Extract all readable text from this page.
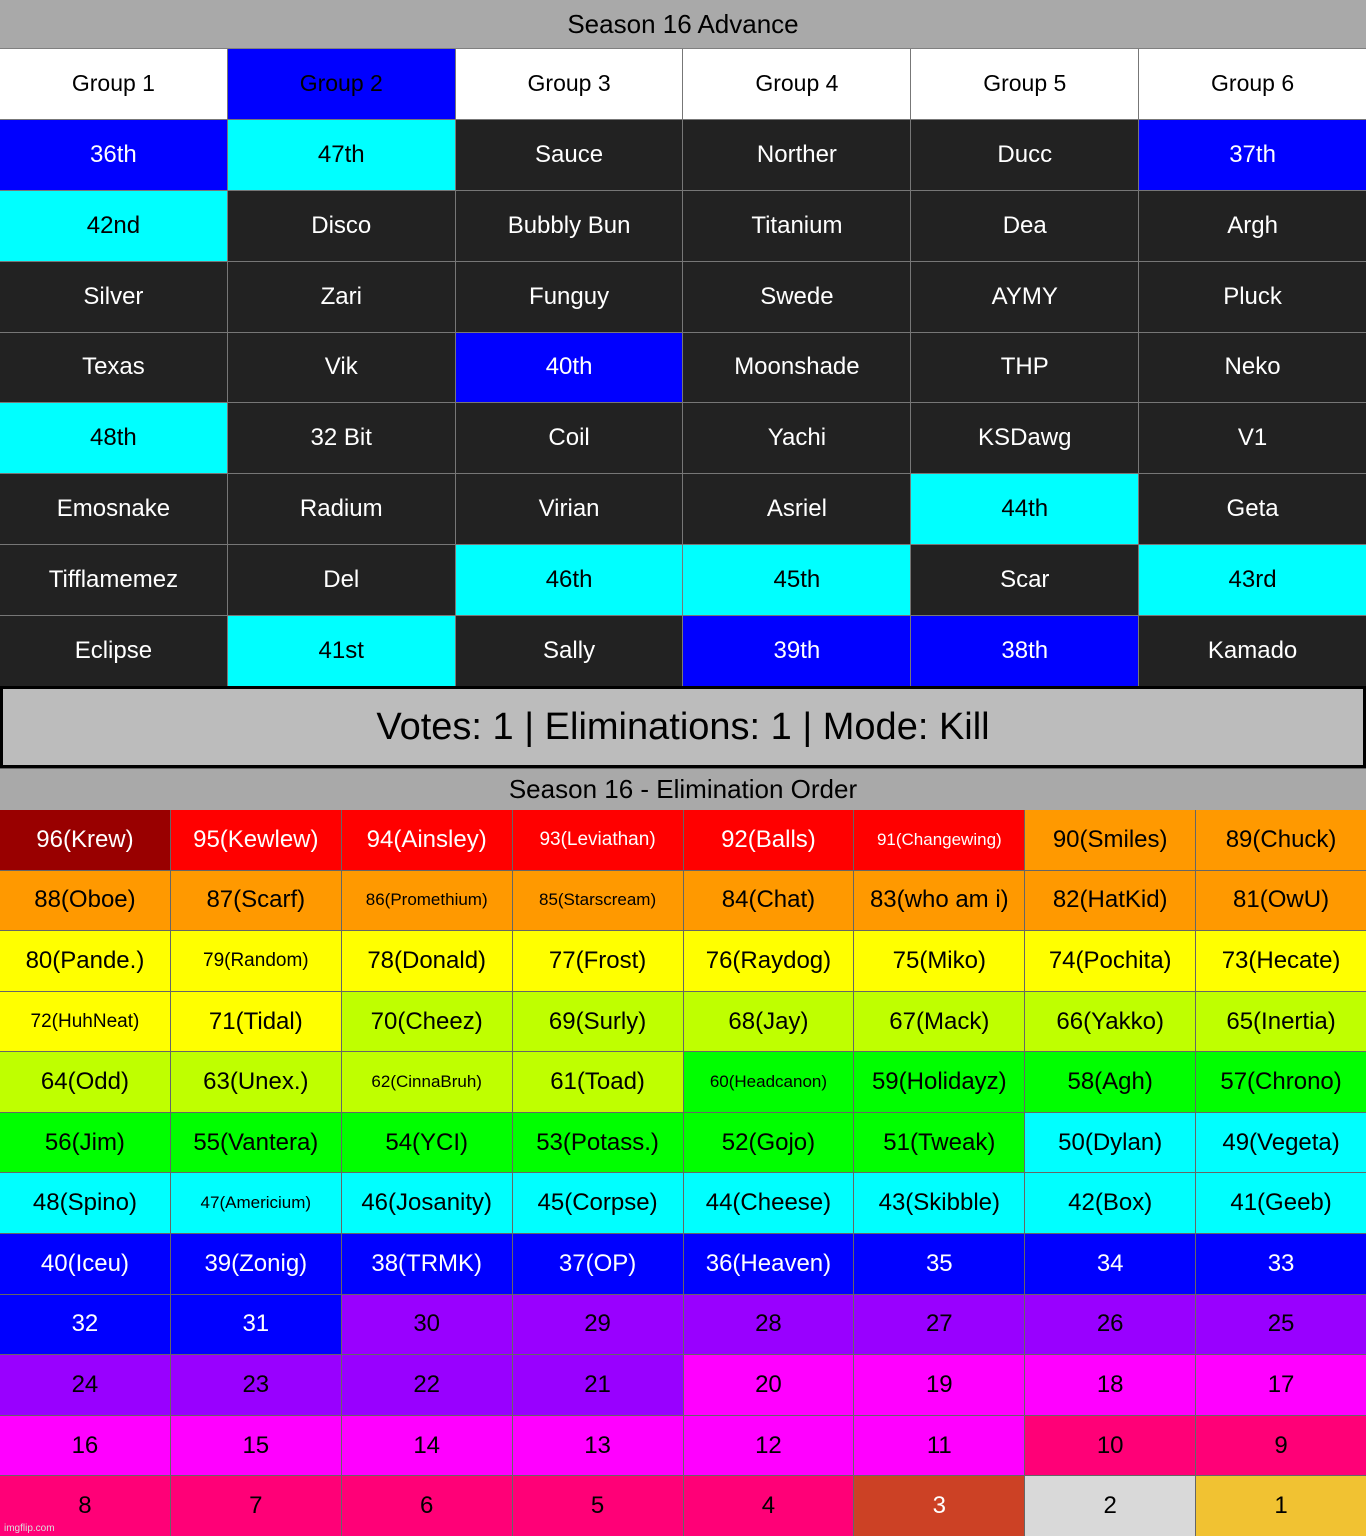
Season 16 Advance
Group 1	Group 2	Group 3	Group 4	Group 5	Group 6
36th	47th	Sauce	Norther	Ducc	37th
42nd	Disco	Bubbly Bun	Titanium	Dea	Argh
Silver	Zari	Funguy	Swede	AYMY	Pluck
Texas	Vik	40th	Moonshade	THP	Neko
48th	32 Bit	Coil	Yachi	KSDawg	V1
Emosnake	Radium	Virian	Asriel	44th	Geta
Tifflamemez	Del	46th	45th	Scar	43rd
Eclipse	41st	Sally	39th	38th	Kamado
Votes: 1 | Eliminations: 1 | Mode: Kill
Season 16 - Elimination Order
96(Krew)	95(Kewlew)	94(Ainsley)	93(Leviathan)	92(Balls)	91(Changewing)	90(Smiles)	89(Chuck)
88(Oboe)	87(Scarf)	86(Promethium)	85(Starscream)	84(Chat)	83(who am i)	82(HatKid)	81(OwU)
80(Pande.)	79(Random)	78(Donald)	77(Frost)	76(Raydog)	75(Miko)	74(Pochita)	73(Hecate)
72(HuhNeat)	71(Tidal)	70(Cheez)	69(Surly)	68(Jay)	67(Mack)	66(Yakko)	65(Inertia)
64(Odd)	63(Unex.)	62(CinnaBruh)	61(Toad)	60(Headcanon)	59(Holidayz)	58(Agh)	57(Chrono)
56(Jim)	55(Vantera)	54(YCI)	53(Potass.)	52(Gojo)	51(Tweak)	50(Dylan)	49(Vegeta)
48(Spino)	47(Americium)	46(Josanity)	45(Corpse)	44(Cheese)	43(Skibble)	42(Box)	41(Geeb)
40(Iceu)	39(Zonig)	38(TRMK)	37(OP)	36(Heaven)	35	34	33
32	31	30	29	28	27	26	25
24	23	22	21	20	19	18	17
16	15	14	13	12	11	10	9
8	7	6	5	4	3	2	1
imgflip.com
